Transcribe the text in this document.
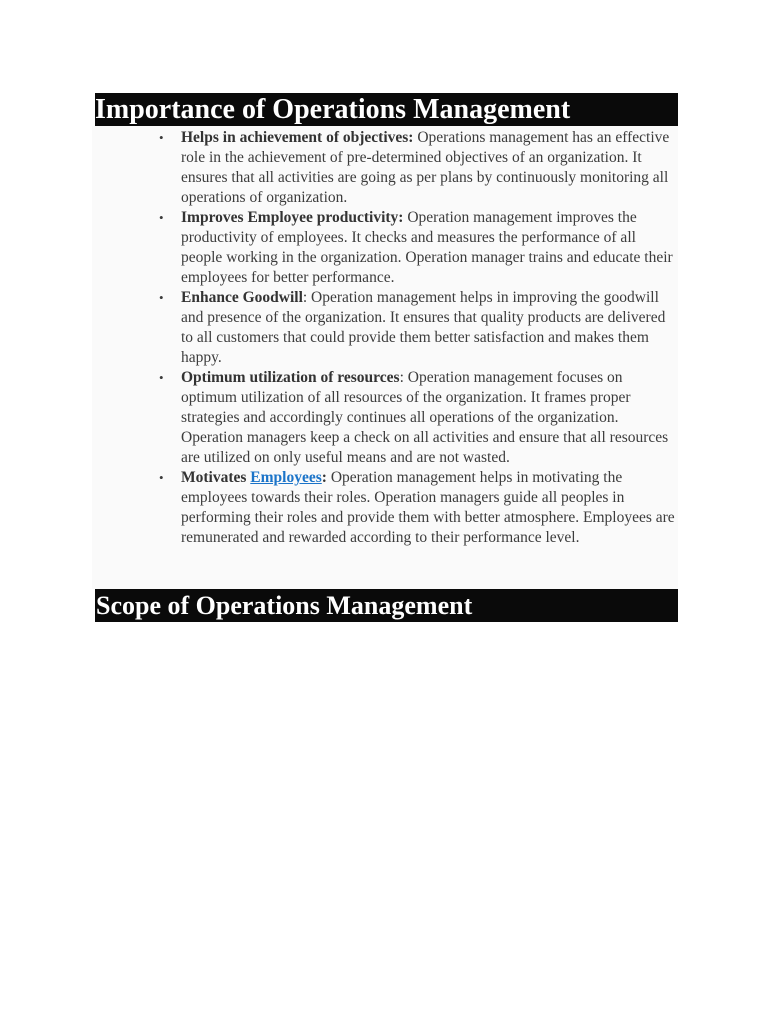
Importance of Operations Management
•	Helps in achievement of objectives: Operations management has an effective role in the achievement of pre-determined objectives of an organization. It ensures that all activities are going as per plans by continuously monitoring all operations of organization.
•	Improves Employee productivity: Operation management improves the productivity of employees. It checks and measures the performance of all people working in the organization. Operation manager trains and educate their employees for better performance.
•	Enhance Goodwill: Operation management helps in improving the goodwill and presence of the organization. It ensures that quality products are delivered to all customers that could provide them better satisfaction and makes them happy.
•	Optimum utilization of resources: Operation management focuses on optimum utilization of all resources of the organization. It frames proper strategies and accordingly continues all operations of the organization. Operation managers keep a check on all activities and ensure that all resources are utilized on only useful means and are not wasted.
•	Motivates Employees: Operation management helps in motivating the employees towards their roles. Operation managers guide all peoples in performing their roles and provide them with better atmosphere. Employees are remunerated and rewarded according to their performance level.
Scope of Operations Management
